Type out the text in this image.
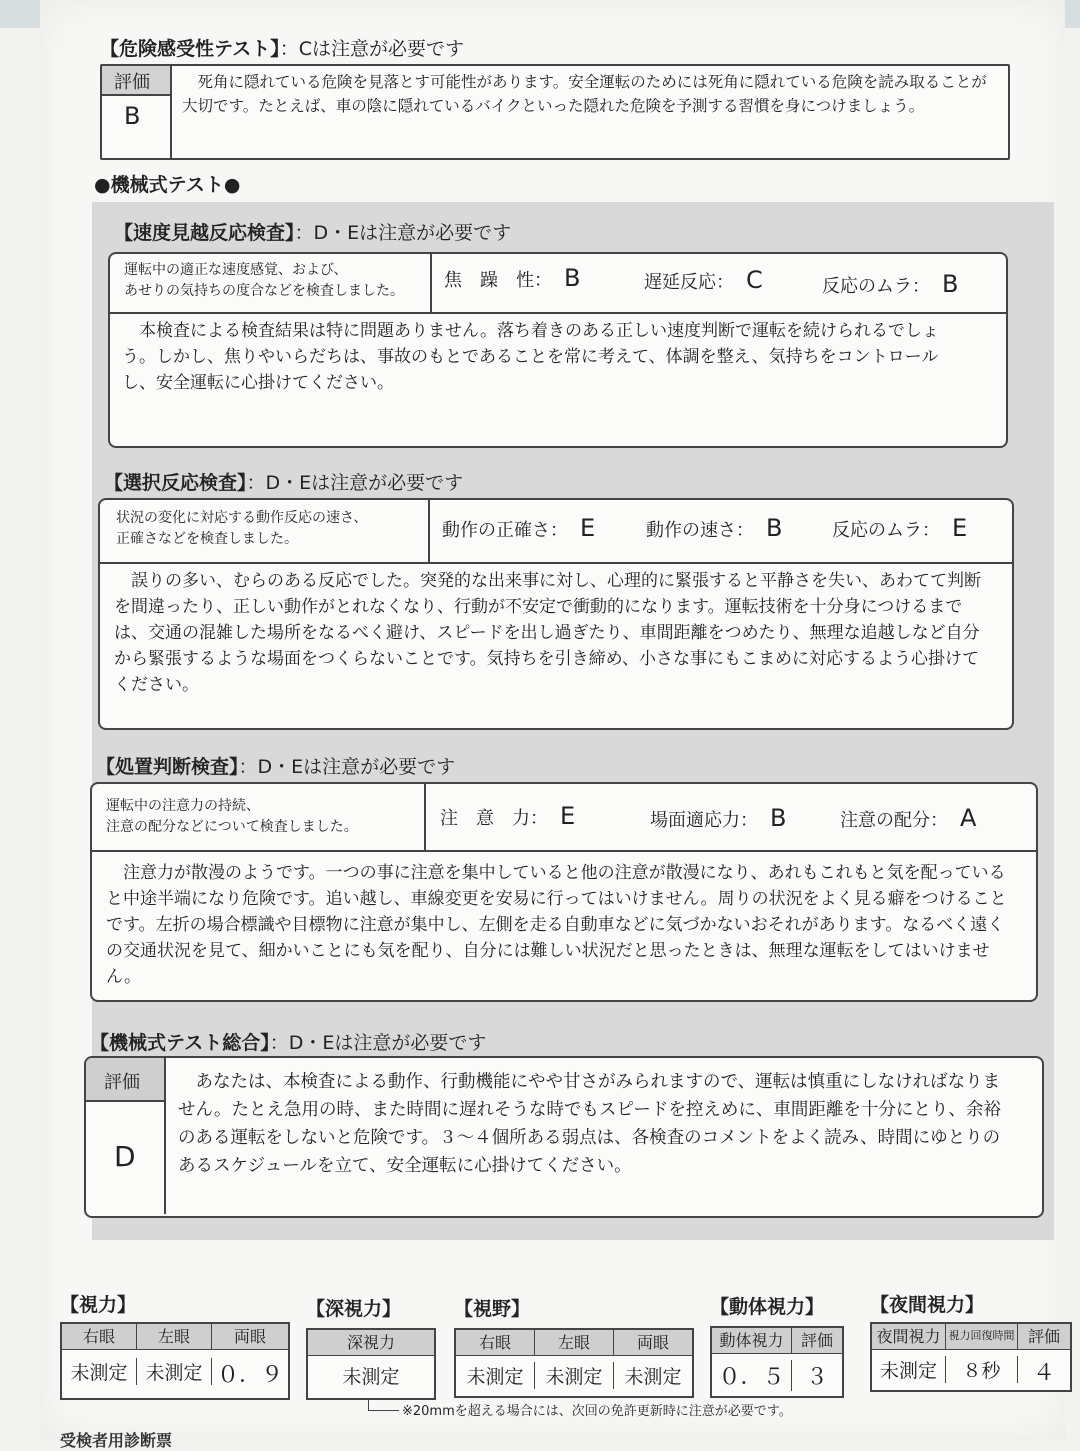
【危険感受性テスト】：Cは注意が必要です
評価
B
死角に隠れている危険を見落とす可能性があります。安全運転のためには死角に隠れている危険を読み取ることが大切です。たとえば、車の陰に隠れているバイクといった隠れた危険を予測する習慣を身につけましょう。
●機械式テスト●
【速度見越反応検査】：D・Eは注意が必要です
運転中の適正な速度感覚、および、
あせりの気持ちの度合などを検査しました。 焦　躁　性： B	遅延反応： C	反応のムラ： B
本検査による検査結果は特に問題ありません。落ち着きのある正しい速度判断で運転を続けられるでしょう。しかし、焦りやいらだちは、事故のもとであることを常に考えて、体調を整え、気持ちをコントロールし、安全運転に心掛けてください。
【選択反応検査】：D・Eは注意が必要です
状況の変化に対応する動作反応の速さ、
正確さなどを検査しました。	動作の正確さ： E	動作の速さ： B	反応のムラ： E
誤りの多い、むらのある反応でした。突発的な出来事に対し、心理的に緊張すると平静さを失い、あわてて判断を間違ったり、正しい動作がとれなくなり、行動が不安定で衝動的になります。運転技術を十分身につけるまでは、交通の混雑した場所をなるべく避け、スピードを出し過ぎたり、車間距離をつめたり、無理な追越しなど自分から緊張するような場面をつくらないことです。気持ちを引き締め、小さな事にもこまめに対応するよう心掛けてください。
【処置判断検査】：D・Eは注意が必要です
運転中の注意力の持続、
注意の配分などについて検査しました。	注　意　力： E	場面適応力： B	注意の配分： A
注意力が散漫のようです。一つの事に注意を集中していると他の注意が散漫になり、あれもこれもと気を配っていると中途半端になり危険です。追い越し、車線変更を安易に行ってはいけません。周りの状況をよく見る癖をつけることです。左折の場合標識や目標物に注意が集中し、左側を走る自動車などに気づかないおそれがあります。なるべく遠くの交通状況を見て、細かいことにも気を配り、自分には難しい状況だと思ったときは、無理な運転をしてはいけません。
【機械式テスト総合】：D・Eは注意が必要です
評価
D
あなたは、本検査による動作、行動機能にやや甘さがみられますので、運転は慎重にしなければなりません。たとえ急用の時、また時間に遅れそうな時でもスピードを控えめに、車間距離を十分にとり、余裕のある運転をしないと危険です。３～４個所ある弱点は、各検査のコメントをよく読み、時間にゆとりのあるスケジュールを立て、安全運転に心掛けてください。
【視力】
右眼	左眼	両眼
未測定 未測定 ０．９
【深視力】
深視力
未測定
※20mmを超える場合には、次回の免許更新時に注意が必要です。
【視野】
右眼	左眼	両眼
未測定	未測定	未測定
【動体視力】
動体視力	評価
０．５ ３
【夜間視力】
夜間視力 視力回復時間 評価
未測定	８秒	４
受検者用診断票
